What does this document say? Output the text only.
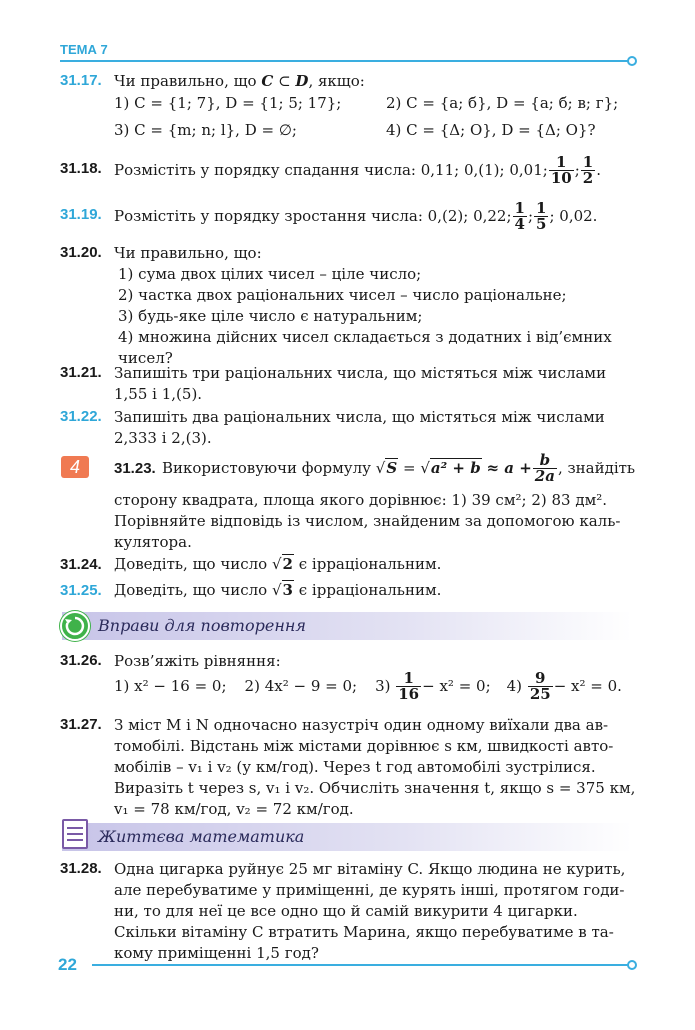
ТЕМА 7
31.17. Чи правильно, що C ⊂ D, якщо:
1) C = {1; 7}, D = {1; 5; 17};	2) C = {а; б}, D = {а; б; в; г};
3) C = {m; n; l}, D = ∅;	4) C = {Δ; O}, D = {Δ; O}?
31.18. Розмістіть у порядку спадання числа: 0,11; 0,(1); 0,01; $\frac{1}{10}$ ; $\frac{1}{2}$ .
31.19. Розмістіть у порядку зростання числа: 0,(2); 0,22; $\frac{1}{4}$ ; $\frac{1}{5}$ ; 0,02.
31.20. Чи правильно, що:
1) сума двох цілих чисел – ціле число;
2) частка двох раціональних чисел – число раціональне;
3) будь-яке ціле число є натуральним;
4) множина дійсних чисел складається з додатних і від’ємних
чисел?
31.21. Запишіть три раціональних числа, що містяться між числами
1,55 і 1,(5).
31.22. Запишіть два раціональних числа, що містяться між числами
2,333 і 2,(3).
4	31.23. Використовуючи формулу
√S
=
√a² + b
≈ $a + \frac{b}{2a}$ , знайдіть
сторону квадрата, площа якого дорівнює: 1) 39 см²; 2) 83 дм².
Порівняйте відповідь із числом, знайденим за допомогою каль-
кулятора.
31.24. Доведіть, що число √2 є ірраціональним.
31.25. Доведіть, що число √3 є ірраціональним.
Вправи для повторення
31.26. Розв’яжіть рівняння:
1) x² − 16 = 0; 2) 4x² − 9 = 0; 3)
$\frac{1}{16} - x^2 = 0$; 4)
$\frac{9}{25} - x^2 = 0$.
31.27. З міст M і N одночасно назустріч один одному виїхали два ав-
томобілі. Відстань між містами дорівнює s км, швидкості авто-
мобілів – v₁ і v₂ (у км/год). Через t год автомобілі зустрілися.
Виразіть t через s, v₁ і v₂. Обчисліть значення t, якщо s = 375 км,
v₁ = 78 км/год, v₂ = 72 км/год.
Життєва математика
31.28. Одна цигарка руйнує 25 мг вітаміну C. Якщо людина не курить,
але перебуватиме у приміщенні, де курять інші, протягом годи-
ни, то для неї це все одно що й самій викурити 4 цигарки.
Скільки вітаміну C втратить Марина, якщо перебуватиме в та-
кому приміщенні 1,5 год?
22
